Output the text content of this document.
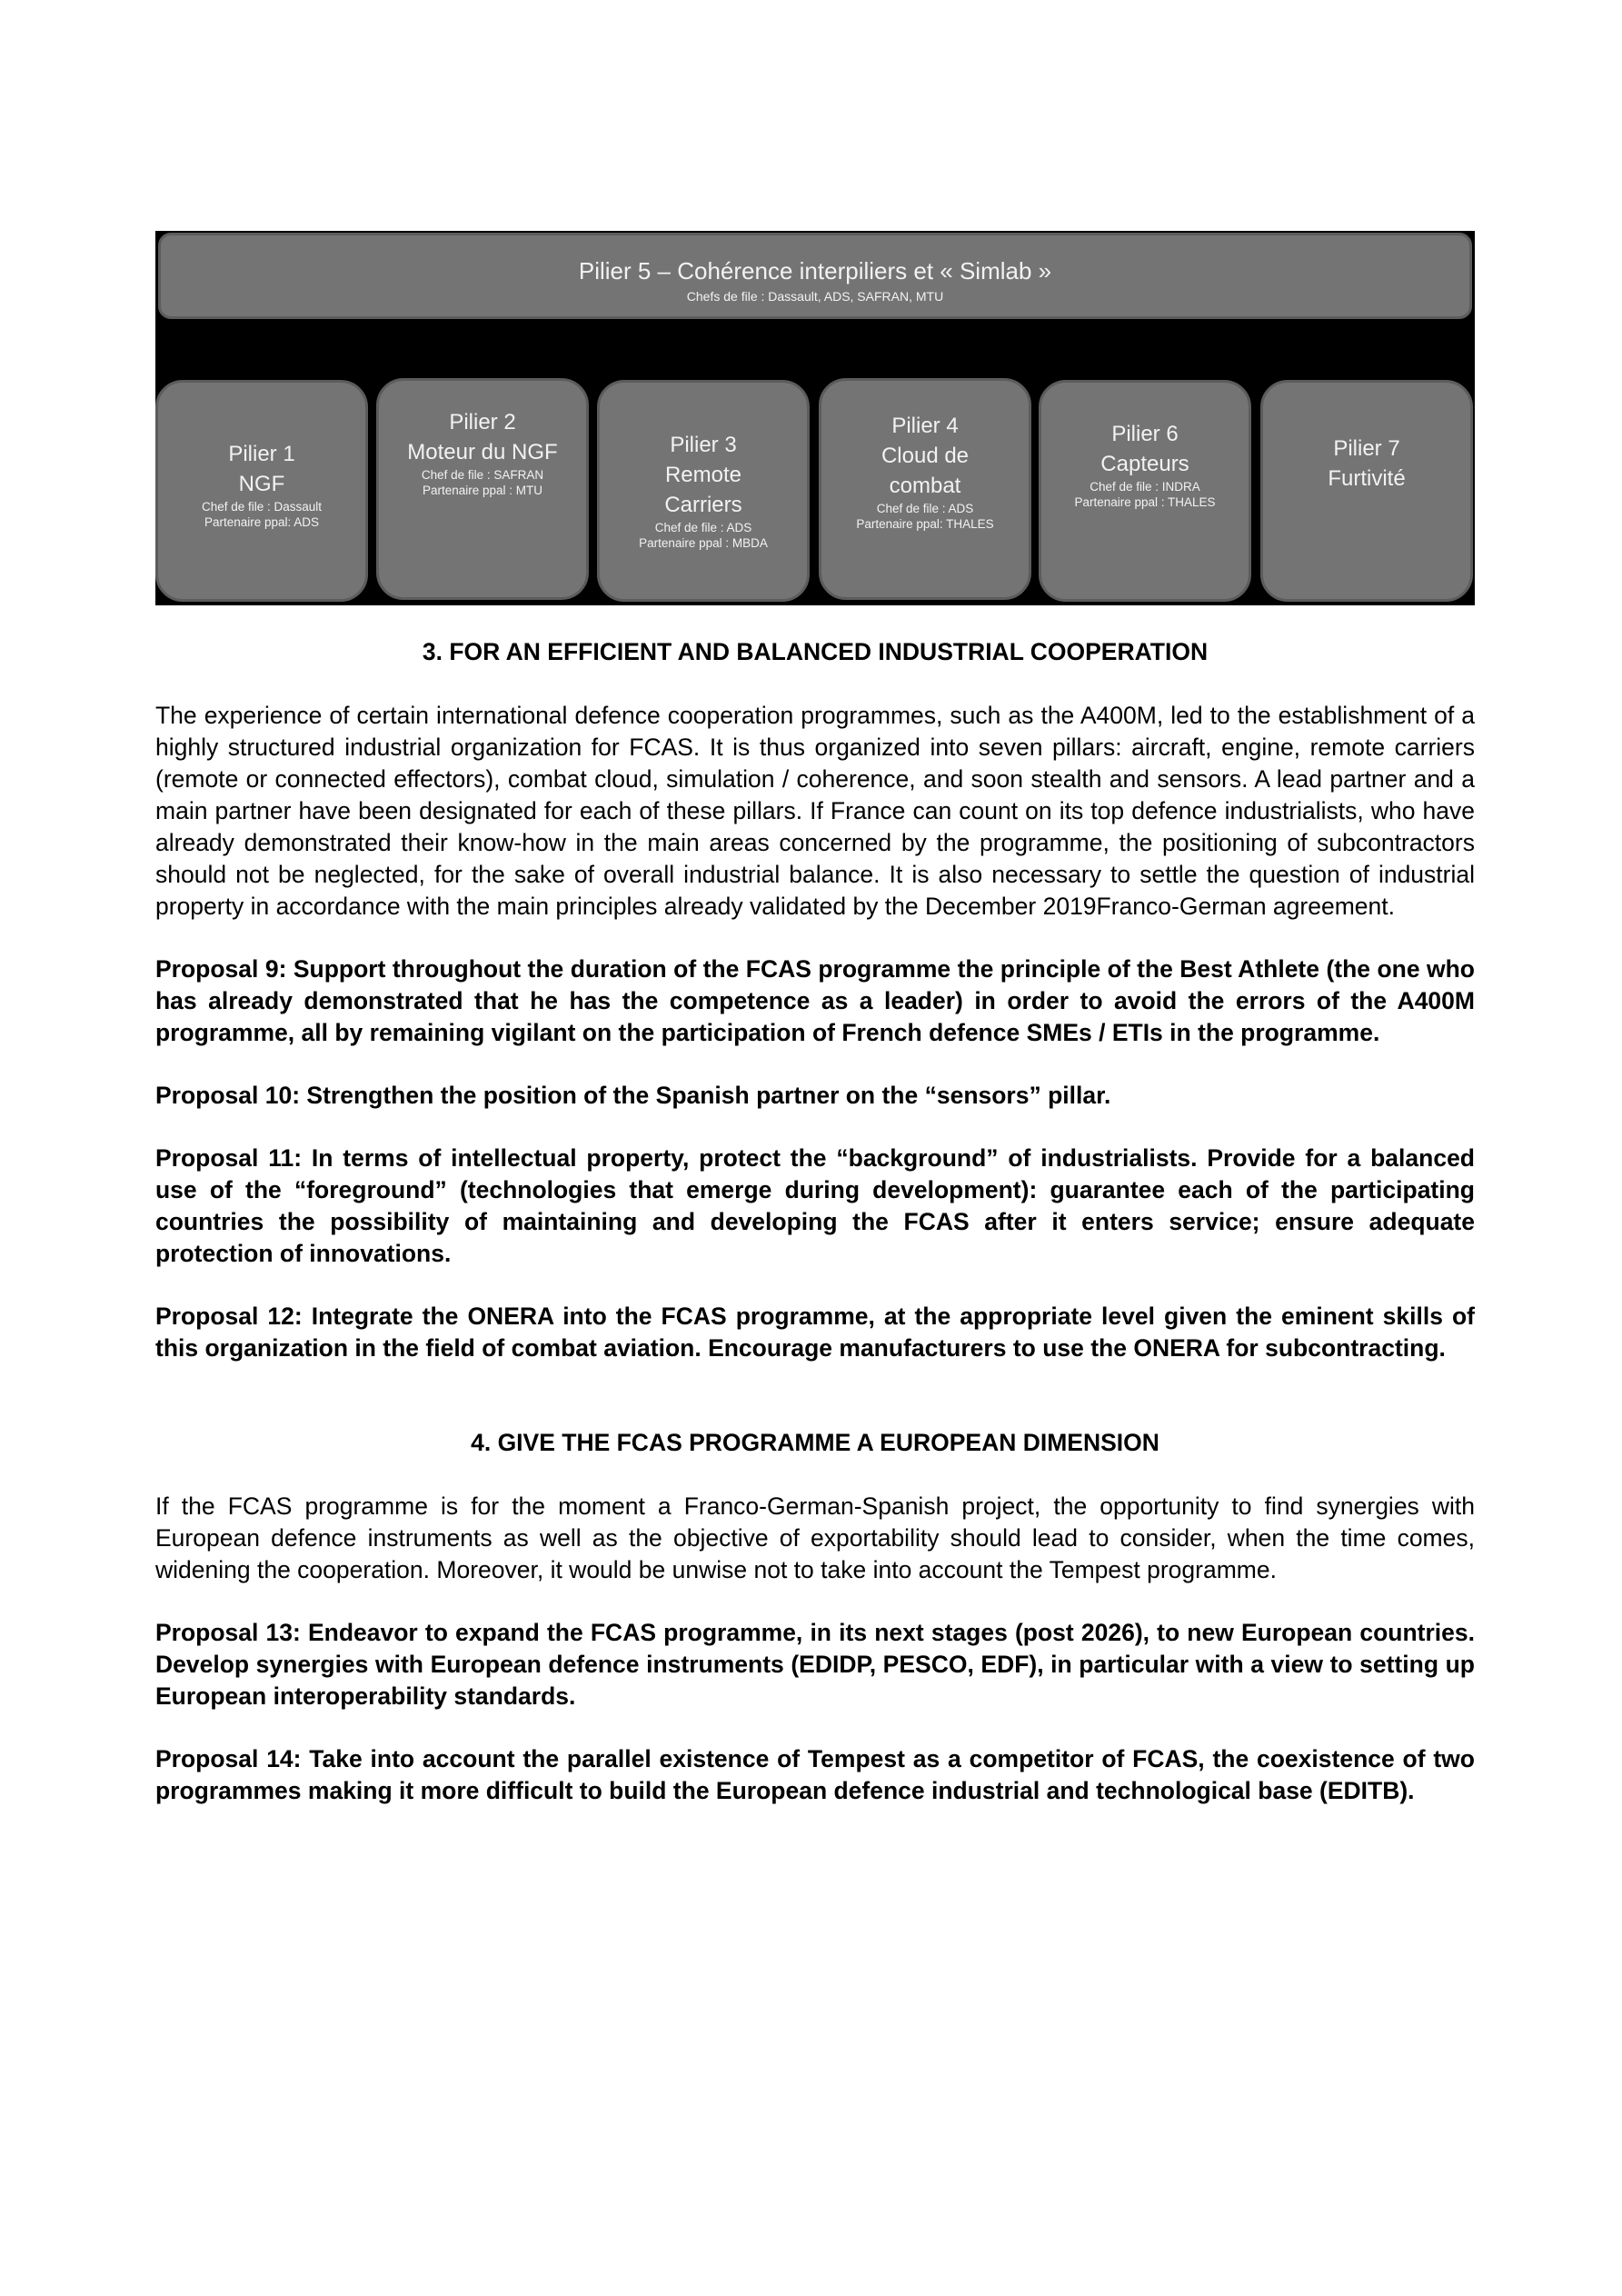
Pilier 5 – Cohérence interpiliers et « Simlab »
Chefs de file : Dassault, ADS, SAFRAN, MTU
Pilier 1
NGF
Chef de file : Dassault
Partenaire ppal: ADS
Pilier 2
Moteur du NGF
Chef de file : SAFRAN
Partenaire ppal : MTU
Pilier 3
Remote
Carriers
Chef de file : ADS
Partenaire ppal : MBDA
Pilier 4
Cloud de
combat
Chef de file : ADS
Partenaire ppal: THALES
Pilier 6
Capteurs
Chef de file : INDRA
Partenaire ppal : THALES
Pilier 7
Furtivité

3. FOR AN EFFICIENT AND BALANCED INDUSTRIAL COOPERATION

The experience of certain international defence cooperation programmes, such as the A400M, led to the establishment of a highly structured industrial organization for FCAS. It is thus organized into seven pillars: aircraft, engine, remote carriers (remote or connected effectors), combat cloud, simulation / coherence, and soon stealth and sensors. A lead partner and a main partner have been designated for each of these pillars. If France can count on its top defence industrialists, who have already demonstrated their know-how in the main areas concerned by the programme, the positioning of subcontractors should not be neglected, for the sake of overall industrial balance. It is also necessary to settle the question of industrial property in accordance with the main principles already validated by the December 2019Franco-German agreement.

Proposal 9: Support throughout the duration of the FCAS programme the principle of the Best Athlete (the one who has already demonstrated that he has the competence as a leader) in order to avoid the errors of the A400M programme, all by remaining vigilant on the participation of French defence SMEs / ETIs in the programme.

Proposal 10: Strengthen the position of the Spanish partner on the “sensors” pillar.

Proposal 11: In terms of intellectual property, protect the “background” of industrialists. Provide for a balanced use of the “foreground” (technologies that emerge during development): guarantee each of the participating countries the possibility of maintaining and developing the FCAS after it enters service; ensure adequate protection of innovations.

Proposal 12: Integrate the ONERA into the FCAS programme, at the appropriate level given the eminent skills of this organization in the field of combat aviation. Encourage manufacturers to use the ONERA for subcontracting.

4. GIVE THE FCAS PROGRAMME A EUROPEAN DIMENSION

If the FCAS programme is for the moment a Franco-German-Spanish project, the opportunity to find synergies with European defence instruments as well as the objective of exportability should lead to consider, when the time comes, widening the cooperation. Moreover, it would be unwise not to take into account the Tempest programme.

Proposal 13: Endeavor to expand the FCAS programme, in its next stages (post 2026), to new European countries. Develop synergies with European defence instruments (EDIDP, PESCO, EDF), in particular with a view to setting up European interoperability standards.

Proposal 14: Take into account the parallel existence of Tempest as a competitor of FCAS, the coexistence of two programmes making it more difficult to build the European defence industrial and technological base (EDITB).
